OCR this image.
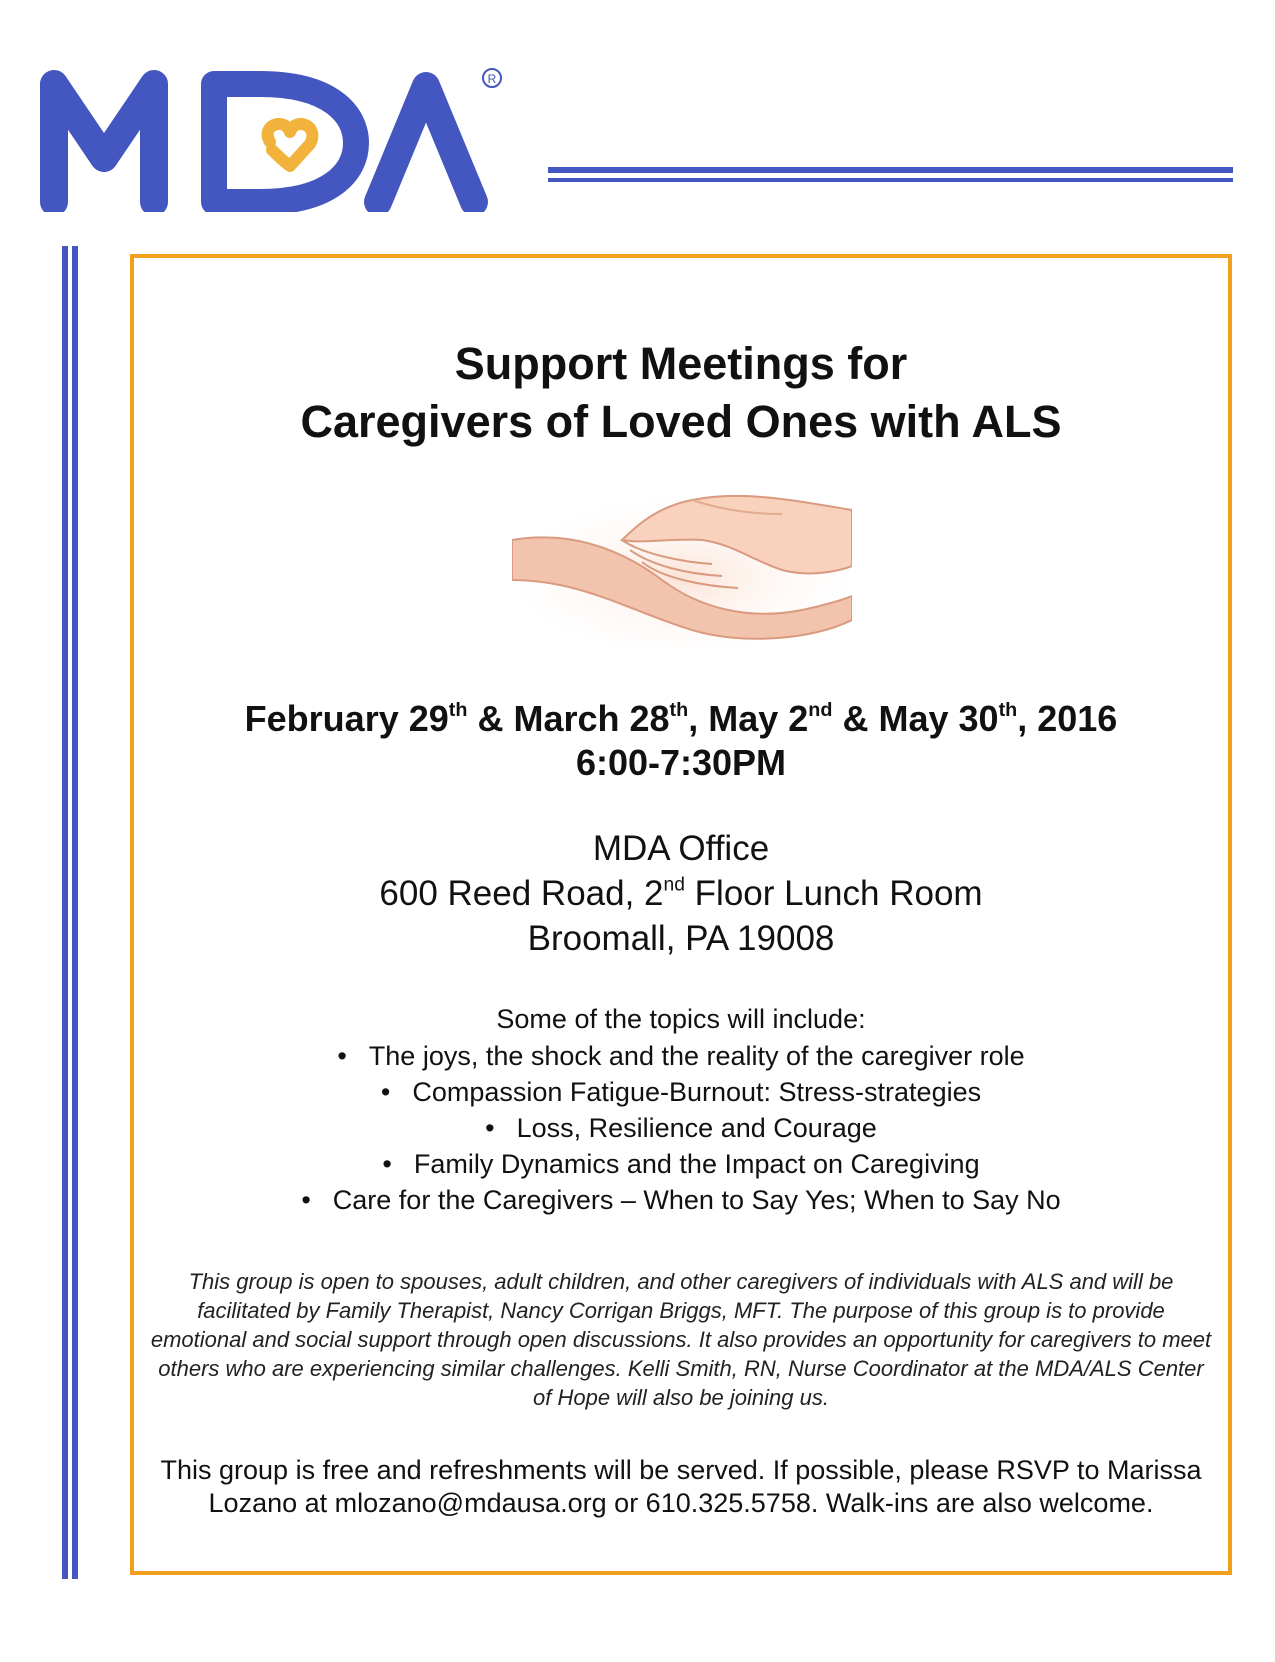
R
Support Meetings for
Caregivers of Loved Ones with ALS
February 29th & March 28th, May 2nd & May 30th, 2016
6:00-7:30PM
MDA Office
600 Reed Road, 2nd Floor Lunch Room
Broomall, PA 19008
Some of the topics will include:
• The joys, the shock and the reality of the caregiver role
• Compassion Fatigue-Burnout: Stress-strategies
• Loss, Resilience and Courage
• Family Dynamics and the Impact on Caregiving
• Care for the Caregivers – When to Say Yes; When to Say No
This group is open to spouses, adult children, and other caregivers of individuals with ALS and will be facilitated by Family Therapist, Nancy Corrigan Briggs, MFT. The purpose of this group is to provide emotional and social support through open discussions. It also provides an opportunity for caregivers to meet others who are experiencing similar challenges. Kelli Smith, RN, Nurse Coordinator at the MDA/ALS Center of Hope will also be joining us.
This group is free and refreshments will be served. If possible, please RSVP to Marissa Lozano at mlozano@mdausa.org or 610.325.5758. Walk-ins are also welcome.
